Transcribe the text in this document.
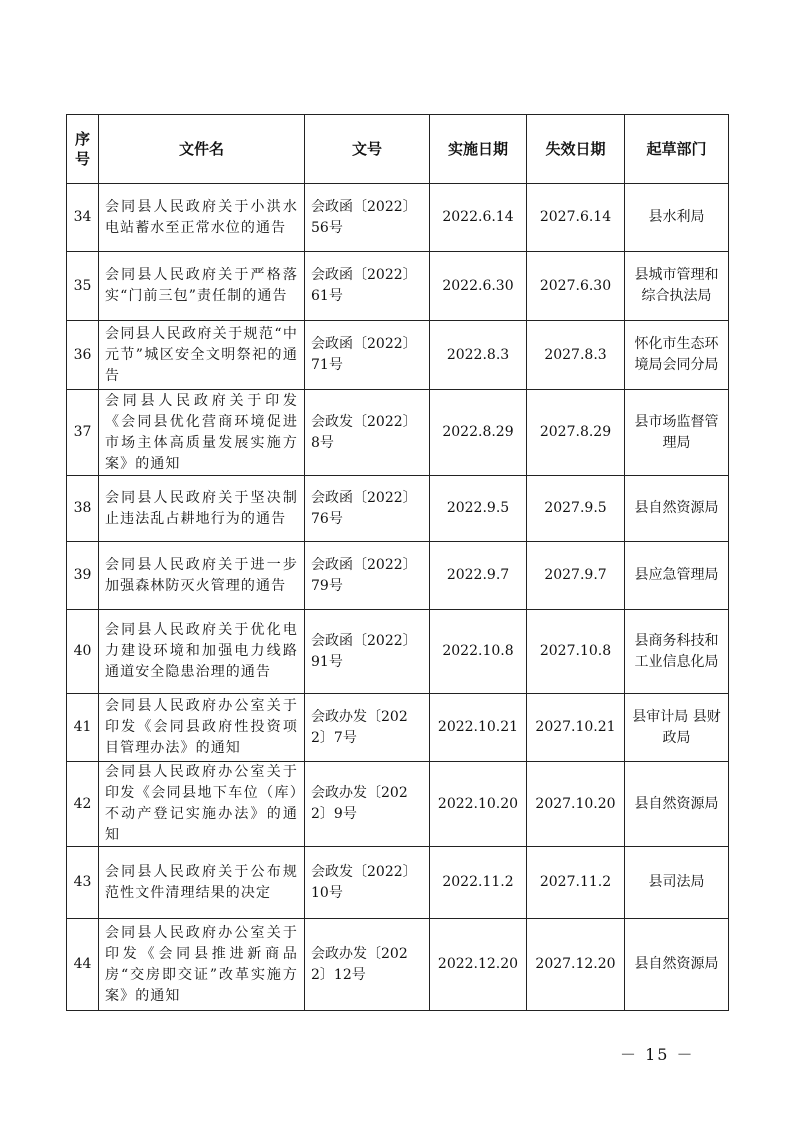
序号	文件名	文号	实施日期	失效日期	起草部门
34	会同县人民政府关于小洪水电站蓄水至正常水位的通告	会政函〔2022〕56号	2022.6.14	2027.6.14	县水利局
35	会同县人民政府关于严格落实“门前三包”责任制的通告	会政函〔2022〕61号	2022.6.30	2027.6.30	县城市管理和综合执法局
36	会同县人民政府关于规范“中元节”城区安全文明祭祀的通告	会政函〔2022〕71号	2022.8.3	2027.8.3	怀化市生态环境局会同分局
37	会同县人民政府关于印发《会同县优化营商环境促进市场主体高质量发展实施方案》的通知	会政发〔2022〕8号	2022.8.29	2027.8.29	县市场监督管理局
38	会同县人民政府关于坚决制止违法乱占耕地行为的通告	会政函〔2022〕76号	2022.9.5	2027.9.5	县自然资源局
39	会同县人民政府关于进一步加强森林防灭火管理的通告	会政函〔2022〕79号	2022.9.7	2027.9.7	县应急管理局
40	会同县人民政府关于优化电力建设环境和加强电力线路通道安全隐患治理的通告	会政函〔2022〕91号	2022.10.8	2027.10.8	县商务科技和工业信息化局
41	会同县人民政府办公室关于印发《会同县政府性投资项目管理办法》的通知	会政办发〔2022〕7号	2022.10.21	2027.10.21	县审计局 县财政局
42	会同县人民政府办公室关于印发《会同县地下车位（库）不动产登记实施办法》的通知	会政办发〔2022〕9号	2022.10.20	2027.10.20	县自然资源局
43	会同县人民政府关于公布规范性文件清理结果的决定	会政发〔2022〕10号	2022.11.2	2027.11.2	县司法局
44	会同县人民政府办公室关于印发《会同县推进新商品房“交房即交证”改革实施方案》的通知	会政办发〔2022〕12号	2022.12.20	2027.12.20	县自然资源局
－ 15 －
